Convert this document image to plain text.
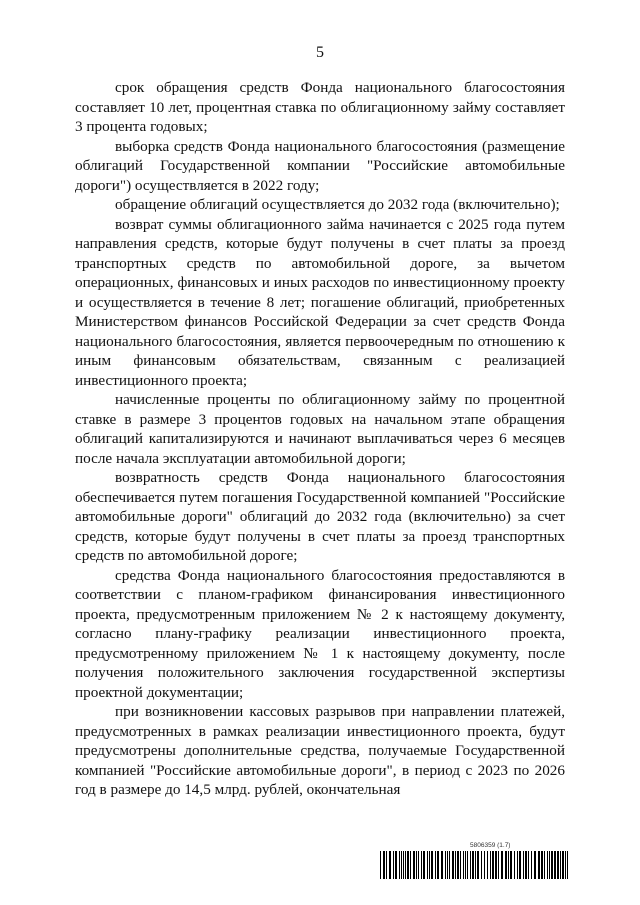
5

срок обращения средств Фонда национального благосостояния составляет 10 лет, процентная ставка по облигационному займу составляет 3 процента годовых;

выборка средств Фонда национального благосостояния (размещение облигаций Государственной компании "Российские автомобильные дороги") осуществляется в 2022 году;

обращение облигаций осуществляется до 2032 года (включительно);

возврат суммы облигационного займа начинается с 2025 года путем направления средств, которые будут получены в счет платы за проезд транспортных средств по автомобильной дороге, за вычетом операционных, финансовых и иных расходов по инвестиционному проекту и осуществляется в течение 8 лет; погашение облигаций, приобретенных Министерством финансов Российской Федерации за счет средств Фонда национального благосостояния, является первоочередным по отношению к иным финансовым обязательствам, связанным с реализацией инвестиционного проекта;

начисленные проценты по облигационному займу по процентной ставке в размере 3 процентов годовых на начальном этапе обращения облигаций капитализируются и начинают выплачиваться через 6 месяцев после начала эксплуатации автомобильной дороги;

возвратность средств Фонда национального благосостояния обеспечивается путем погашения Государственной компанией "Российские автомобильные дороги" облигаций до 2032 года (включительно) за счет средств, которые будут получены в счет платы за проезд транспортных средств по автомобильной дороге;

средства Фонда национального благосостояния предоставляются в соответствии с планом-графиком финансирования инвестиционного проекта, предусмотренным приложением № 2 к настоящему документу, согласно плану-графику реализации инвестиционного проекта, предусмотренному приложением № 1 к настоящему документу, после получения положительного заключения государственной экспертизы проектной документации;

при возникновении кассовых разрывов при направлении платежей, предусмотренных в рамках реализации инвестиционного проекта, будут предусмотрены дополнительные средства, получаемые Государственной компанией "Российские автомобильные дороги", в период с 2023 по 2026 год в размере до 14,5 млрд. рублей, окончательная

5806359 (1.7)
